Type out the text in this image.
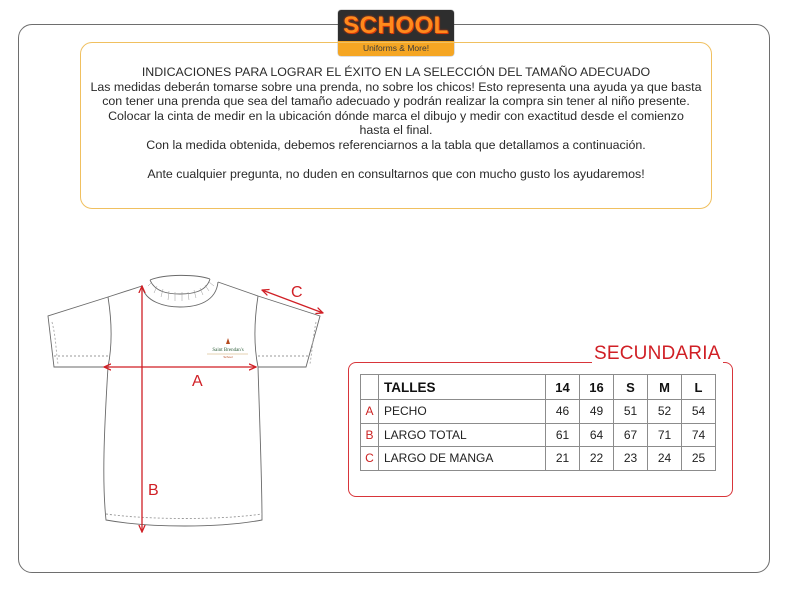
SCHOOL
Uniforms & More!

INDICACIONES PARA LOGRAR EL ÉXITO EN LA SELECCIÓN DEL TAMAÑO ADECUADO

Las medidas deberán tomarse sobre una prenda, no sobre los chicos! Esto representa una ayuda ya que basta

con tener una prenda que sea del tamaño adecuado y podrán realizar la compra sin tener al niño presente.

Colocar la cinta de medir en la ubicación dónde marca el dibujo y medir con exactitud desde el comienzo

hasta el final.

Con la medida obtenida, debemos referenciarnos a la tabla que detallamos a continuación.

Ante cualquier pregunta, no duden en consultarnos que con mucho gusto los ayudaremos!

Saint Brendan's
School
A
B
C
SECUNDARIA
	TALLES	14	16	S	M	L
A	PECHO	46	49	51	52	54
B	LARGO TOTAL	61	64	67	71	74
C	LARGO DE MANGA	21	22	23	24	25
